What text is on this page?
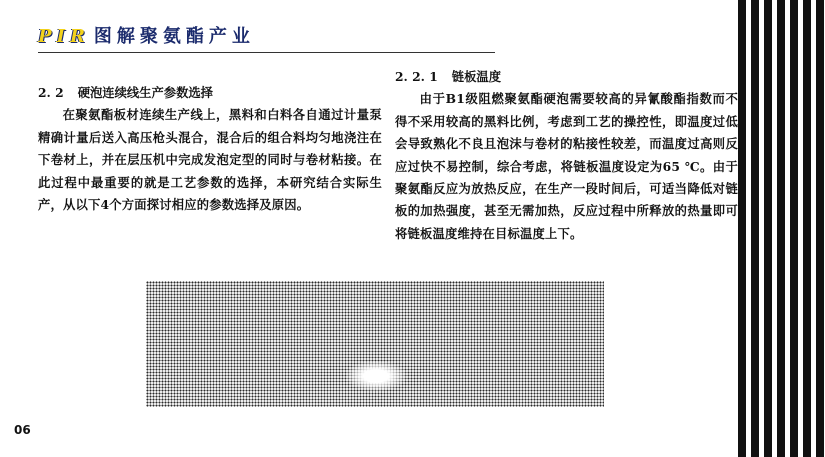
PIR 图解聚氨酯产业
2. 2 硬泡连续线生产参数选择
在聚氨酯板材连续生产线上，黑料和白料各自通过计量泵精确计量后送入高压枪头混合，混合后的组合料均匀地浇注在下卷材上，并在层压机中完成发泡定型的同时与卷材粘接。在此过程中最重要的就是工艺参数的选择，本研究结合实际生产，从以下4个方面探讨相应的参数选择及原因。
2. 2. 1 链板温度
由于B1级阻燃聚氨酯硬泡需要较高的异氰酸酯指数而不得不采用较高的黑料比例，考虑到工艺的操控性，即温度过低会导致熟化不良且泡沫与卷材的粘接性较差，而温度过高则反应过快不易控制，综合考虑，将链板温度设定为65 ℃。由于聚氨酯反应为放热反应，在生产一段时间后，可适当降低对链板的加热强度，甚至无需加热，反应过程中所释放的热量即可将链板温度维持在目标温度上下。
06
